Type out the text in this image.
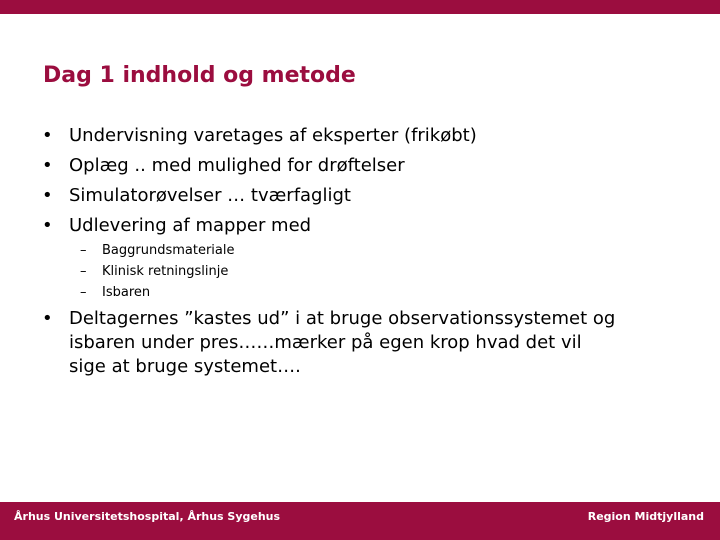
Dag 1 indhold og metode
• Undervisning varetages af eksperter (frikøbt)
• Oplæg .. med mulighed for drøftelser
• Simulatorøvelser … tværfagligt
• Udlevering af mapper med
– Baggrundsmateriale
– Klinisk retningslinje
– Isbaren
• Deltagernes ”kastes ud” i at bruge observationssystemet og
isbaren under pres……mærker på egen krop hvad det vil
sige at bruge systemet….
Århus Universitetshospital, Århus Sygehus	Region Midtjylland
